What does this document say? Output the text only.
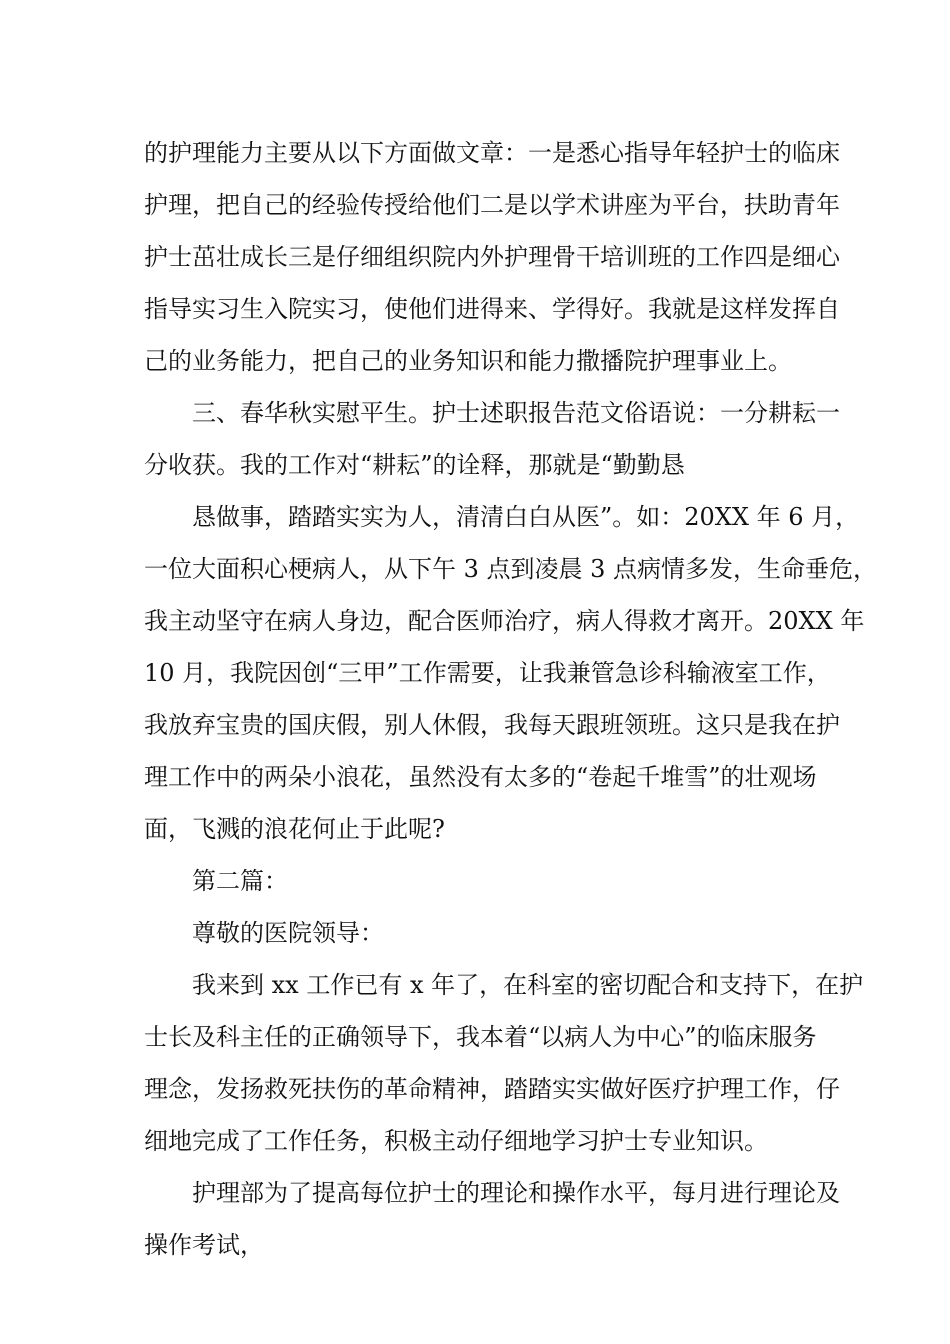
的护理能力主要从以下方面做文章：一是悉心指导年轻护士的临床

护理，把自己的经验传授给他们二是以学术讲座为平台，扶助青年

护士茁壮成长三是仔细组织院内外护理骨干培训班的工作四是细心

指导实习生入院实习，使他们进得来、学得好。我就是这样发挥自

己的业务能力，把自己的业务知识和能力撒播院护理事业上。

三、春华秋实慰平生。护士述职报告范文俗语说：一分耕耘一

分收获。我的工作对“耕耘”的诠释，那就是“勤勤恳

恳做事，踏踏实实为人，清清白白从医”。如：20XX 年 6 月，

一位大面积心梗病人，从下午 3 点到凌晨 3 点病情多发，生命垂危，

我主动坚守在病人身边，配合医师治疗，病人得救才离开。20XX 年

10 月，我院因创“三甲”工作需要，让我兼管急诊科输液室工作，

我放弃宝贵的国庆假，别人休假，我每天跟班领班。这只是我在护

理工作中的两朵小浪花，虽然没有太多的“卷起千堆雪”的壮观场

面，飞溅的浪花何止于此呢?

第二篇：

尊敬的医院领导：

我来到 xx 工作已有 x 年了，在科室的密切配合和支持下，在护

士长及科主任的正确领导下，我本着“以病人为中心”的临床服务

理念，发扬救死扶伤的革命精神，踏踏实实做好医疗护理工作，仔

细地完成了工作任务，积极主动仔细地学习护士专业知识。

护理部为了提高每位护士的理论和操作水平，每月进行理论及

操作考试，
